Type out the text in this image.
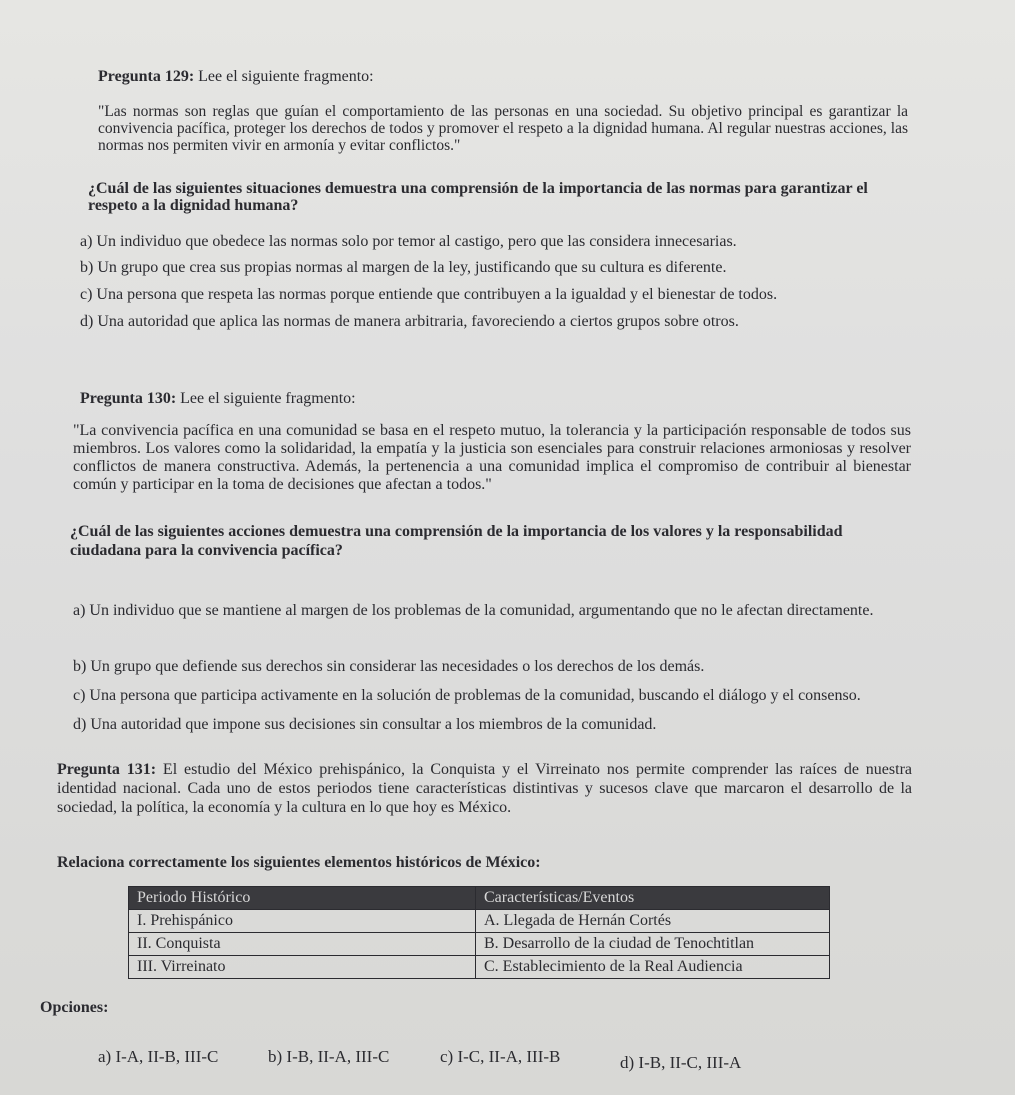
Pregunta 129: Lee el siguiente fragmento:
"Las normas son reglas que guían el comportamiento de las personas en una sociedad. Su objetivo principal es garantizar la convivencia pacífica, proteger los derechos de todos y promover el respeto a la dignidad humana. Al regular nuestras acciones, las normas nos permiten vivir en armonía y evitar conflictos."
¿Cuál de las siguientes situaciones demuestra una comprensión de la importancia de las normas para garantizar el respeto a la dignidad humana?
a) Un individuo que obedece las normas solo por temor al castigo, pero que las considera innecesarias.
b) Un grupo que crea sus propias normas al margen de la ley, justificando que su cultura es diferente.
c) Una persona que respeta las normas porque entiende que contribuyen a la igualdad y el bienestar de todos.
d) Una autoridad que aplica las normas de manera arbitraria, favoreciendo a ciertos grupos sobre otros.
Pregunta 130: Lee el siguiente fragmento:
"La convivencia pacífica en una comunidad se basa en el respeto mutuo, la tolerancia y la participación responsable de todos sus miembros. Los valores como la solidaridad, la empatía y la justicia son esenciales para construir relaciones armoniosas y resolver conflictos de manera constructiva. Además, la pertenencia a una comunidad implica el compromiso de contribuir al bienestar común y participar en la toma de decisiones que afectan a todos."
¿Cuál de las siguientes acciones demuestra una comprensión de la importancia de los valores y la responsabilidad ciudadana para la convivencia pacífica?
a) Un individuo que se mantiene al margen de los problemas de la comunidad, argumentando que no le afectan directamente.
b) Un grupo que defiende sus derechos sin considerar las necesidades o los derechos de los demás.
c) Una persona que participa activamente en la solución de problemas de la comunidad, buscando el diálogo y el consenso.
d) Una autoridad que impone sus decisiones sin consultar a los miembros de la comunidad.
Pregunta 131: El estudio del México prehispánico, la Conquista y el Virreinato nos permite comprender las raíces de nuestra identidad nacional. Cada uno de estos periodos tiene características distintivas y sucesos clave que marcaron el desarrollo de la sociedad, la política, la economía y la cultura en lo que hoy es México.
Relaciona correctamente los siguientes elementos históricos de México:
Periodo Histórico	Características/Eventos
I. Prehispánico	A. Llegada de Hernán Cortés
II. Conquista	B. Desarrollo de la ciudad de Tenochtitlan
III. Virreinato	C. Establecimiento de la Real Audiencia
Opciones:
a) I-A, II-B, III-C	b) I-B, II-A, III-C	c) I-C, II-A, III-B	d) I-B, II-C, III-A
